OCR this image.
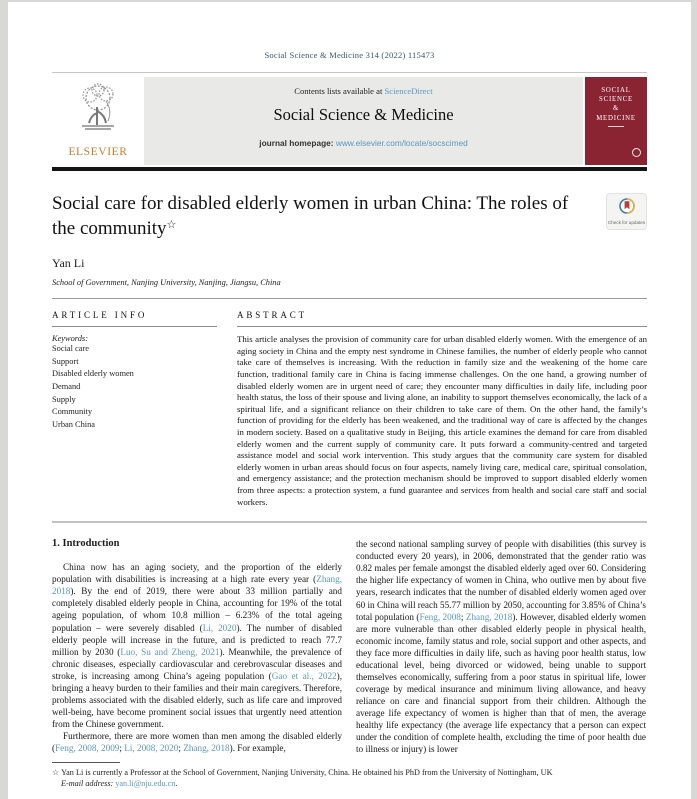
Social Science & Medicine 314 (2022) 115473
ELSEVIER
Contents lists available at ScienceDirect
Social Science & Medicine
journal homepage: www.elsevier.com/locate/socscimed
SOCIAL
SCIENCE
&
MEDICINE
Social care for disabled elderly women in urban China: The roles of the community☆	Check for updates
Yan Li
School of Government, Nanjing University, Nanjing, Jiangsu, China
ARTICLE INFO
Keywords:
Social care
Support
Disabled elderly women
Demand
Supply
Community
Urban China
ABSTRACT
This article analyses the provision of community care for urban disabled elderly women. With the emergence of an aging society in China and the empty nest syndrome in Chinese families, the number of elderly people who cannot take care of themselves is increasing. With the reduction in family size and the weakening of the home care function, traditional family care in China is facing immense challenges. On the one hand, a growing number of disabled elderly women are in urgent need of care; they encounter many difficulties in daily life, including poor health status, the loss of their spouse and living alone, an inability to support themselves economically, the lack of a spiritual life, and a significant reliance on their children to take care of them. On the other hand, the family’s function of providing for the elderly has been weakened, and the traditional way of care is affected by the changes in modern society. Based on a qualitative study in Beijing, this article examines the demand for care from disabled elderly women and the current supply of community care. It puts forward a community-centred and targeted assistance model and social work intervention. This study argues that the community care system for disabled elderly women in urban areas should focus on four aspects, namely living care, medical care, spiritual consolation, and emergency assistance; and the protection mechanism should be improved to support disabled elderly women from three aspects: a protection system, a fund guarantee and services from health and social care staff and social workers.
1. Introduction

China now has an aging society, and the proportion of the elderly population with disabilities is increasing at a high rate every year (Zhang, 2018). By the end of 2019, there were about 33 million partially and completely disabled elderly people in China, accounting for 19% of the total ageing population, of whom 10.8 million – 6.23% of the total ageing population – were severely disabled (Li, 2020). The number of disabled elderly people will increase in the future, and is predicted to reach 77.7 million by 2030 (Luo, Su and Zheng, 2021). Meanwhile, the prevalence of chronic diseases, especially cardiovascular and cerebrovascular diseases and stroke, is increasing among China’s ageing population (Gao et al., 2022), bringing a heavy burden to their families and their main caregivers. Therefore, problems associated with the disabled elderly, such as life care and improved well-being, have become prominent social issues that urgently need attention from the Chinese government.

Furthermore, there are more women than men among the disabled elderly (Feng, 2008, 2009; Li, 2008, 2020; Zhang, 2018). For example,

the second national sampling survey of people with disabilities (this survey is conducted every 20 years), in 2006, demonstrated that the gender ratio was 0.82 males per female amongst the disabled elderly aged over 60. Considering the higher life expectancy of women in China, who outlive men by about five years, research indicates that the number of disabled elderly women aged over 60 in China will reach 55.77 million by 2050, accounting for 3.85% of China’s total population (Feng, 2008; Zhang, 2018). However, disabled elderly women are more vulnerable than other disabled elderly people in physical health, economic income, family status and role, social support and other aspects, and they face more difficulties in daily life, such as having poor health status, low educational level, being divorced or widowed, being unable to support themselves economically, suffering from a poor status in spiritual life, lower coverage by medical insurance and minimum living allowance, and heavy reliance on care and financial support from their children. Although the average life expectancy of women is higher than that of men, the average healthy life expectancy (the average life expectancy that a person can expect under the condition of complete health, excluding the time of poor health due to illness or injury) is lower

☆ Yan Li is currently a Professor at the School of Government, Nanjing University, China. He obtained his PhD from the University of Nottingham, UK
E-mail address: yan.li@nju.edu.cn.
